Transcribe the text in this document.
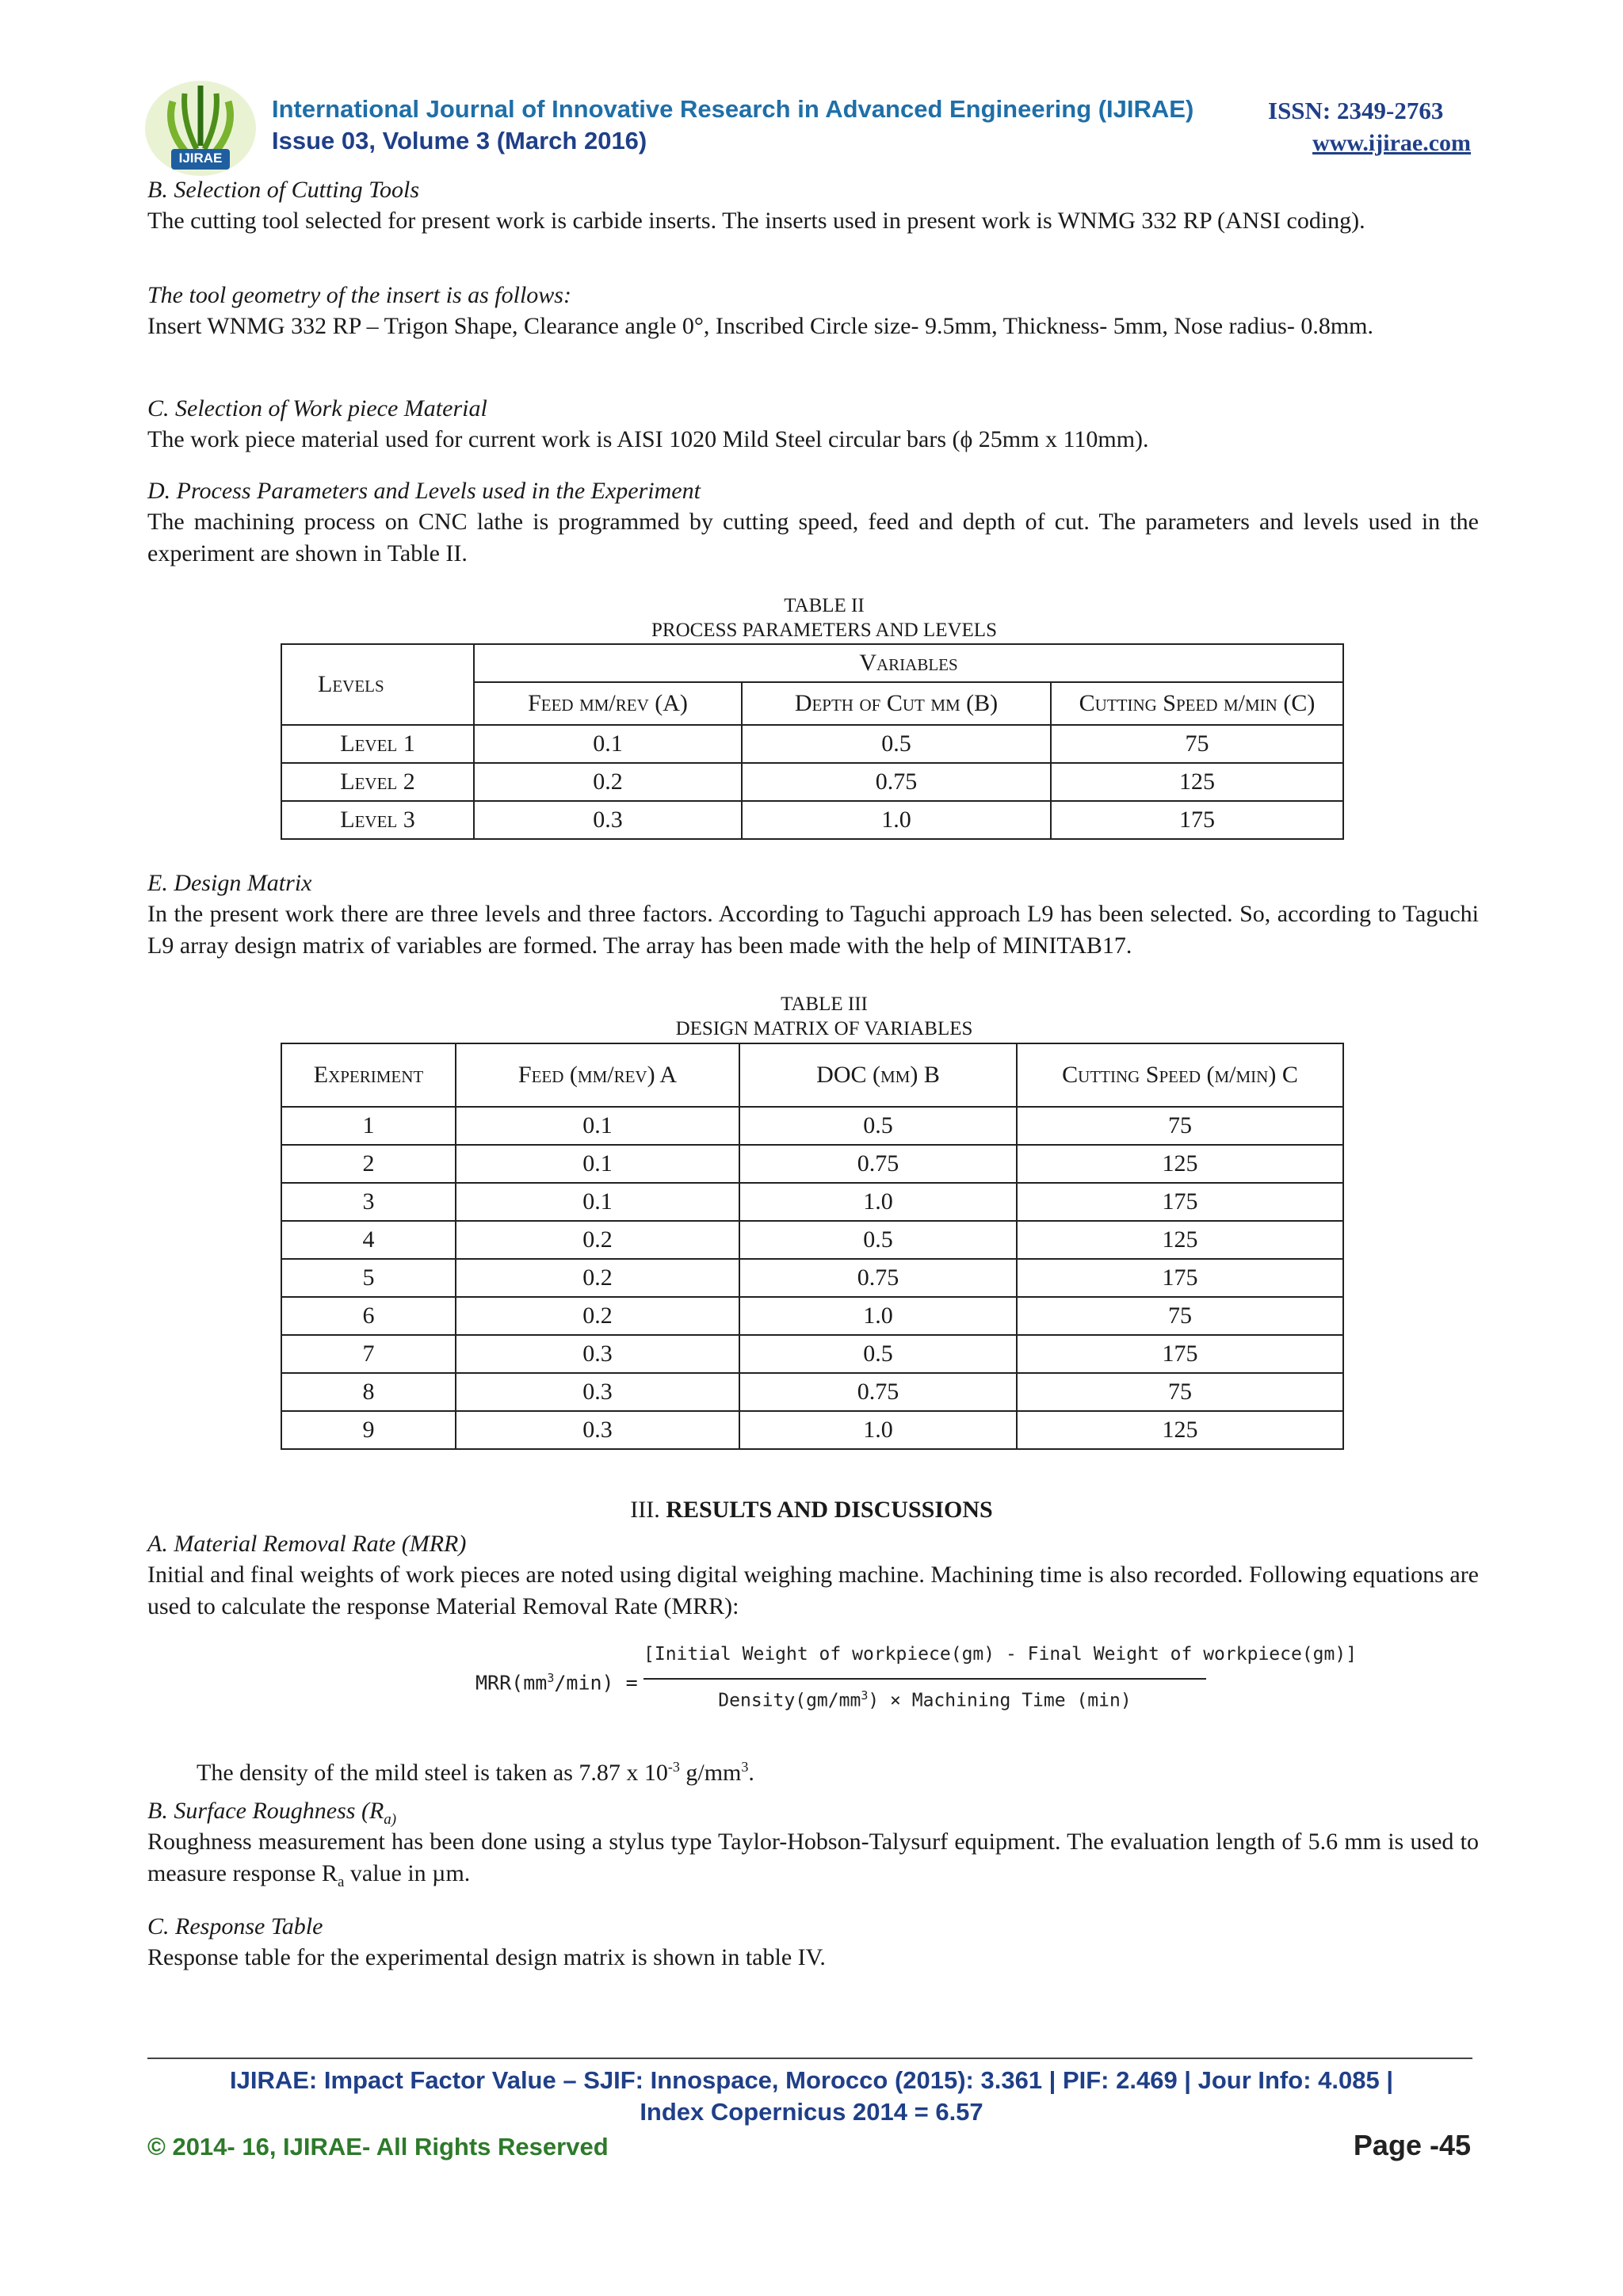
IJIRAE
International Journal of Innovative Research in Advanced Engineering (IJIRAE)	ISSN: 2349-2763
Issue 03, Volume 3 (March 2016)	www.ijirae.com
B. Selection of Cutting Tools
The cutting tool selected for present work is carbide inserts. The inserts used in present work is WNMG 332 RP (ANSI coding).
The tool geometry of the insert is as follows:
Insert WNMG 332 RP – Trigon Shape, Clearance angle 0°, Inscribed Circle size- 9.5mm, Thickness- 5mm, Nose radius- 0.8mm.
C. Selection of Work piece Material
The work piece material used for current work is AISI 1020 Mild Steel circular bars (ϕ 25mm x 110mm).
D. Process Parameters and Levels used in the Experiment
The machining process on CNC lathe is programmed by cutting speed, feed and depth of cut. The parameters and levels used in the experiment are shown in Table II.
TABLE II
PROCESS PARAMETERS AND LEVELS
Levels	Variables		
	Feed mm/rev (A)	Depth of Cut mm (B)	Cutting Speed m/min (C)
Level 1	0.1	0.5	75
Level 2	0.2	0.75	125
Level 3	0.3	1.0	175
E. Design Matrix
In the present work there are three levels and three factors. According to Taguchi approach L9 has been selected. So, according to Taguchi L9 array design matrix of variables are formed. The array has been made with the help of MINITAB17.
TABLE III
DESIGN MATRIX OF VARIABLES
Experiment	Feed (mm/rev) A	DOC (mm) B	Cutting Speed (m/min) C
1	0.1	0.5	75
2	0.1	0.75	125
3	0.1	1.0	175
4	0.2	0.5	125
5	0.2	0.75	175
6	0.2	1.0	75
7	0.3	0.5	175
8	0.3	0.75	75
9	0.3	1.0	125
III. RESULTS AND DISCUSSIONS
A. Material Removal Rate (MRR)
Initial and final weights of work pieces are noted using digital weighing machine. Machining time is also recorded. Following equations are used to calculate the response Material Removal Rate (MRR):
$MRR(mm^3/\min)$ =
[Initial Weight of workpiece(gm) - Final Weight of workpiece(gm)]
$Density(gm/mm^3)$ × Machining Time (min)
The density of the mild steel is taken as 7.87 x $10^{-3}$ $g/mm^3$.
B. Surface Roughness ($R_{a)}$
Roughness measurement has been done using a stylus type Taylor-Hobson-Talysurf equipment. The evaluation length of 5.6 mm is used to measure response $R_a$ value in µm.
C. Response Table
Response table for the experimental design matrix is shown in table IV.
IJIRAE: Impact Factor Value – SJIF: Innospace, Morocco (2015): 3.361 | PIF: 2.469 | Jour Info: 4.085 |
Index Copernicus 2014 = 6.57
© 2014- 16, IJIRAE- All Rights Reserved	Page -45
